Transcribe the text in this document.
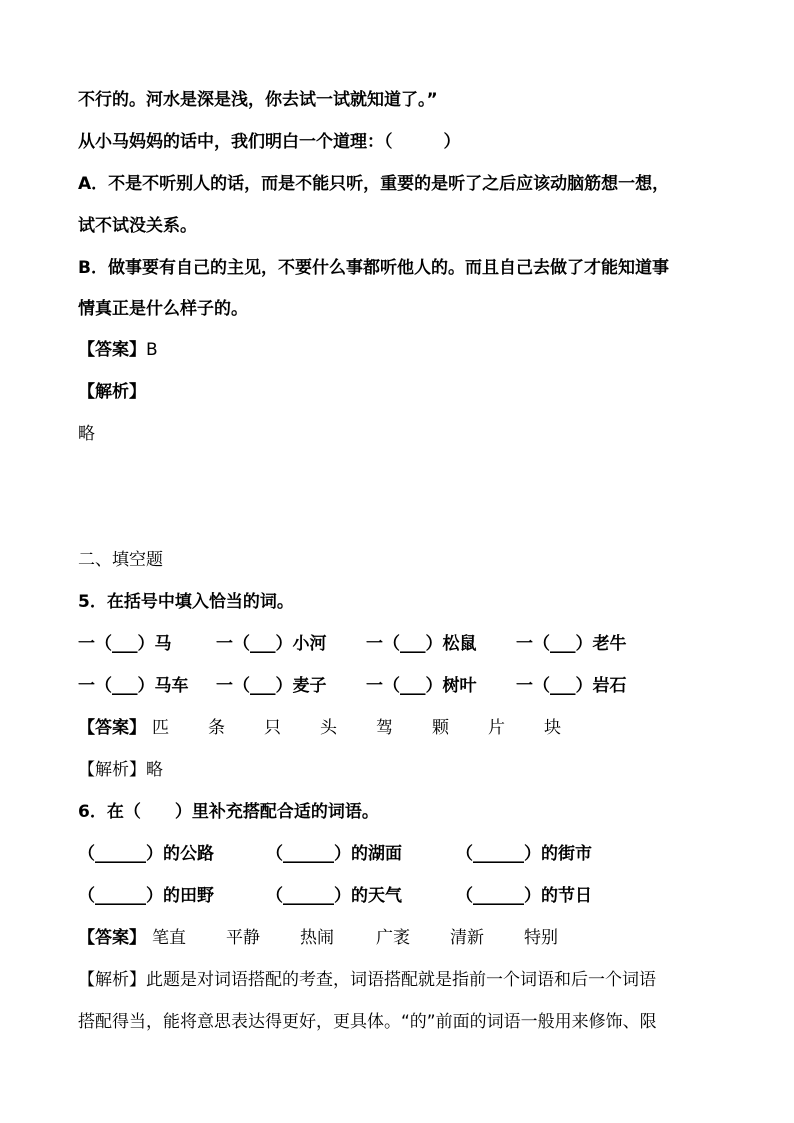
不行的。河水是深是浅，你去试一试就知道了。”
从小马妈妈的话中，我们明白一个道理：（　　　）
A．不是不听别人的话，而是不能只听，重要的是听了之后应该动脑筋想一想，
试不试没关系。
B．做事要有自己的主见，不要什么事都听他人的。而且自己去做了才能知道事
情真正是什么样子的。
【答案】B
【解析】
略
二、填空题
5．在括号中填入恰当的词。
一（___）马	一（___）小河 一（___）松鼠 一（___）老牛
一（___）马车 一（___）麦子 一（___）树叶 一（___）岩石
【答案】 匹 条 只 头 驾 颗 片 块
【解析】略
6．在（　　）里补充搭配合适的词语。
（______）的公路	（______）的湖面	（______）的街市
（______）的田野	（______）的天气	（______）的节日
【答案】 笔直 平静 热闹 广袤 清新 特别
【解析】此题是对词语搭配的考查，词语搭配就是指前一个词语和后一个词语
搭配得当，能将意思表达得更好，更具体。“的”前面的词语一般用来修饰、限
